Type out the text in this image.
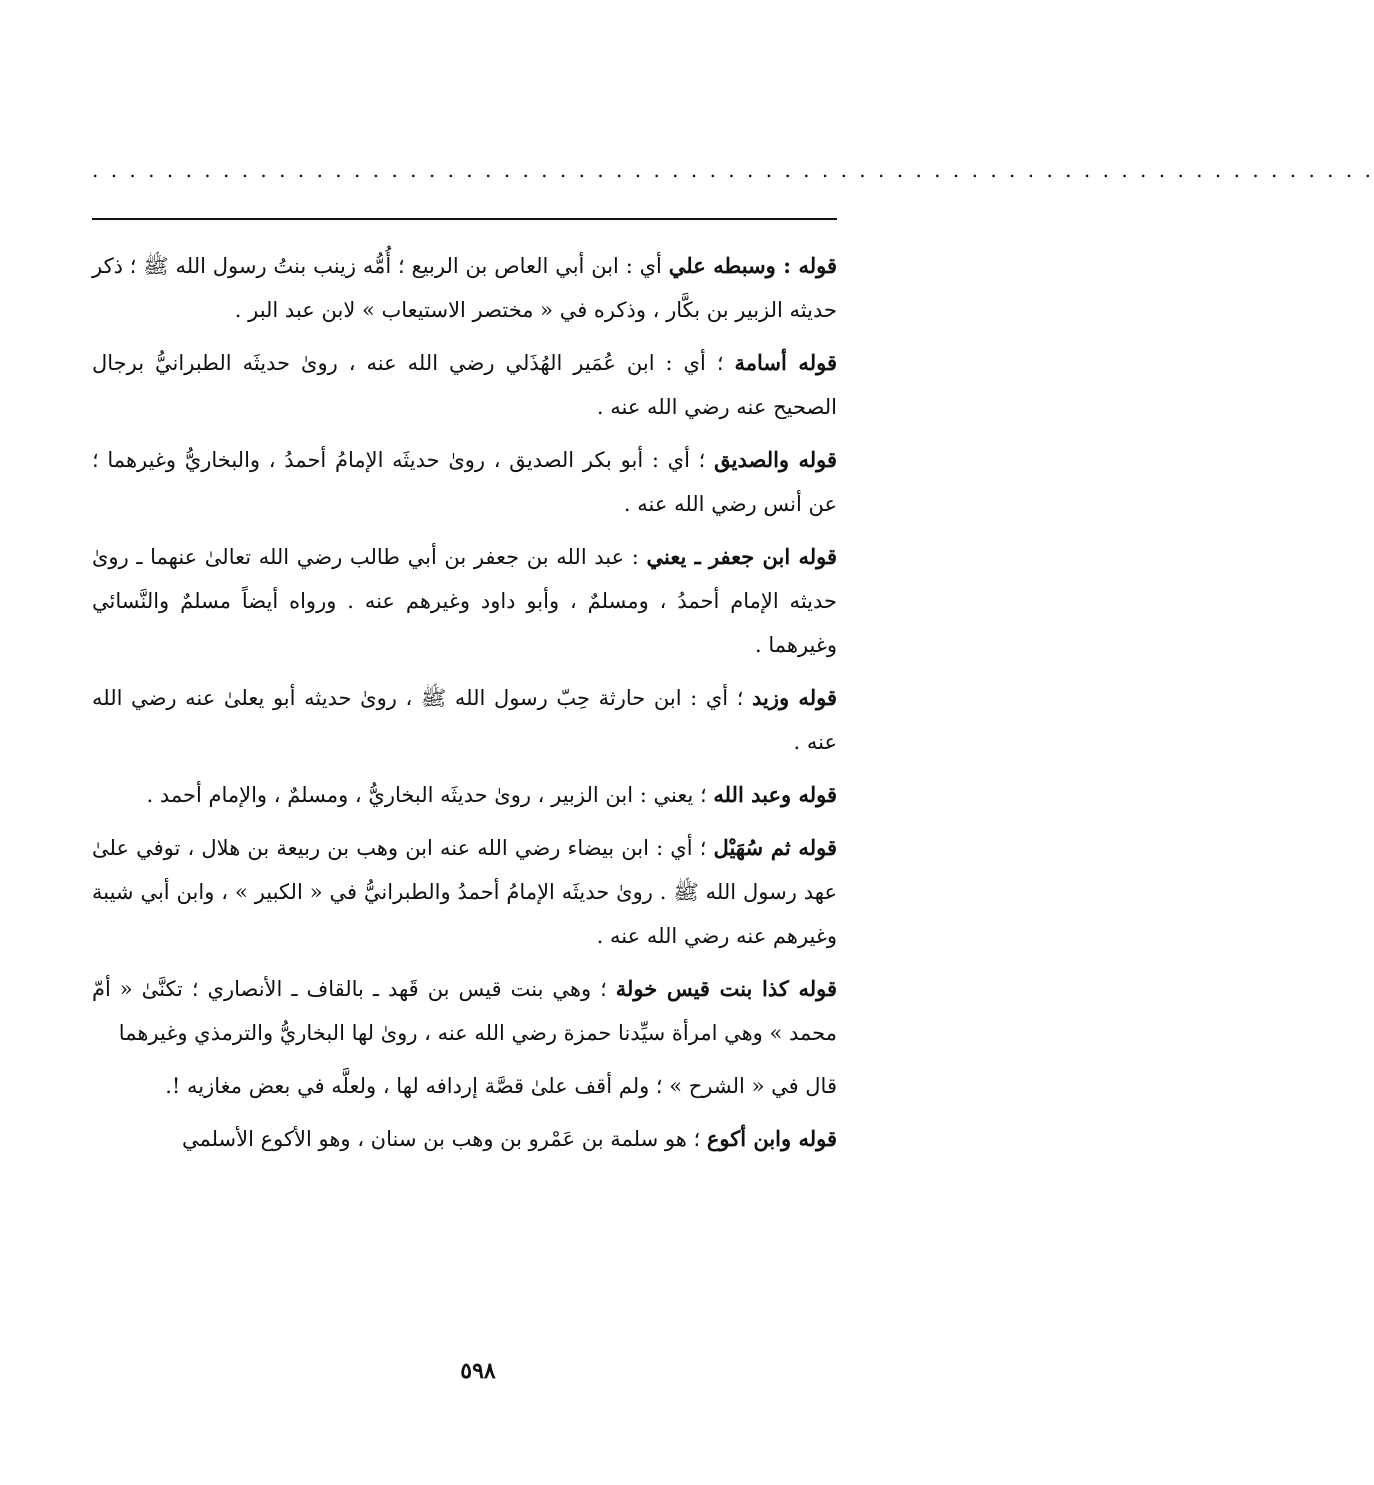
. . . . . . . . . . . . . . . . . . . . . . . . . . . . . . . . . . . . . . . . . . . . . . . . . . . . . . . . . . . . . . . . . . . . .

قوله : وسبطه علي أي : ابن أبي العاص بن الربيع ؛ أُمُّه زينب بنتُ رسول الله ﷺ ؛ ذكر حديثه الزبير بن بكَّار ، وذكره في « مختصر الاستيعاب » لابن عبد البر .

قوله أسامة ؛ أي : ابن عُمَير الهُذَلي رضي الله عنه ، روىٰ حديثَه الطبرانيُّ برجال الصحيح عنه رضي الله عنه .

قوله والصديق ؛ أي : أبو بكر الصديق ، روىٰ حديثَه الإمامُ أحمدُ ، والبخاريُّ وغيرهما ؛ عن أنس رضي الله عنه .

قوله ابن جعفر ـ يعني : عبد الله بن جعفر بن أبي طالب رضي الله تعالىٰ عنهما ـ روىٰ حديثه الإمام أحمدُ ، ومسلمٌ ، وأبو داود وغيرهم عنه . ورواه أيضاً مسلمٌ والنَّسائي وغيرهما .

قوله وزيد ؛ أي : ابن حارثة حِبّ رسول الله ﷺ ، روىٰ حديثه أبو يعلىٰ عنه رضي الله عنه .

قوله وعبد الله ؛ يعني : ابن الزبير ، روىٰ حديثَه البخاريُّ ، ومسلمٌ ، والإمام أحمد .

قوله ثم سُهَيْل ؛ أي : ابن بيضاء رضي الله عنه ابن وهب بن ربيعة بن هلال ، توفي علىٰ عهد رسول الله ﷺ . روىٰ حديثَه الإمامُ أحمدُ والطبرانيُّ في « الكبير » ، وابن أبي شيبة وغيرهم عنه رضي الله عنه .

قوله كذا بنت قيس خولة ؛ وهي بنت قيس بن قَهد ـ بالقاف ـ الأنصاري ؛ تكنَّىٰ « أمّ محمد » وهي امرأة سيِّدنا حمزة رضي الله عنه ، روىٰ لها البخاريُّ والترمذي وغيرهما

قال في « الشرح » ؛ ولم أقف علىٰ قصَّة إردافه لها ، ولعلَّه في بعض مغازيه !.

قوله وابن أكوع ؛ هو سلمة بن عَمْرو بن وهب بن سنان ، وهو الأكوع الأسلمي

٥٩٨
